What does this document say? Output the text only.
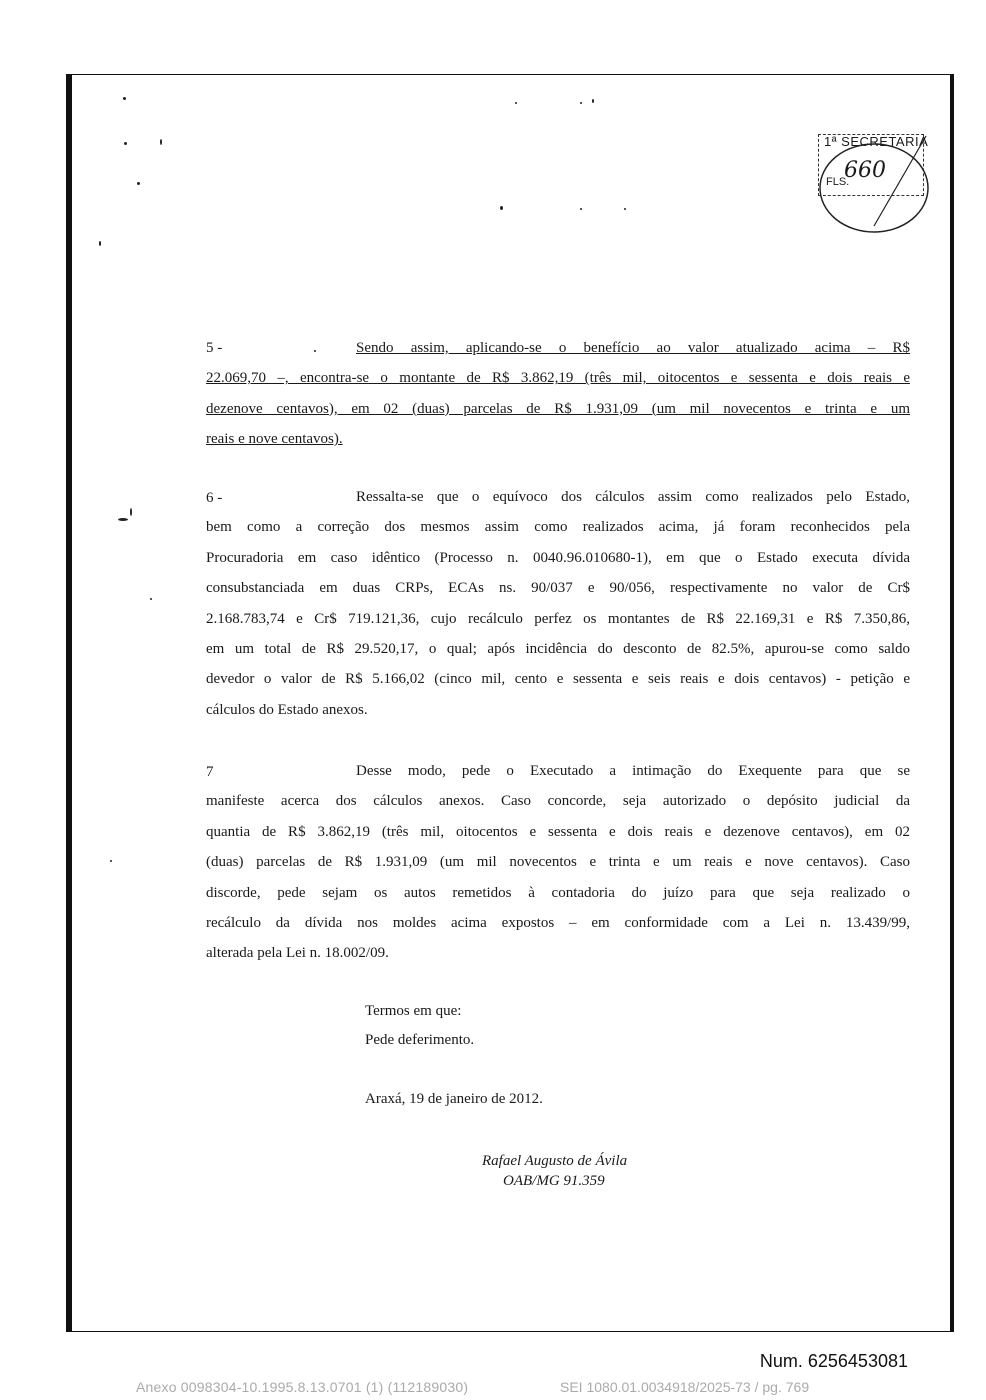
1ª SECRETARIA
FLS.
660
5 -	Sendo assim, aplicando-se o benefício ao valor atualizado acima – R$
22.069,70 –, encontra-se o montante de R$ 3.862,19 (três mil, oitocentos e sessenta e dois reais e
dezenove centavos), em 02 (duas) parcelas de R$ 1.931,09 (um mil novecentos e trinta e um
reais e nove centavos).
6 -	Ressalta-se que o equívoco dos cálculos assim como realizados pelo Estado,
bem como a correção dos mesmos assim como realizados acima, já foram reconhecidos pela
Procuradoria em caso idêntico (Processo n. 0040.96.010680-1), em que o Estado executa dívida
consubstanciada em duas CRPs, ECAs ns. 90/037 e 90/056, respectivamente no valor de Cr$
2.168.783,74 e Cr$ 719.121,36, cujo recálculo perfez os montantes de R$ 22.169,31 e R$ 7.350,86,
em um total de R$ 29.520,17, o qual; após incidência do desconto de 82.5%, apurou-se como saldo
devedor o valor de R$ 5.166,02 (cinco mil, cento e sessenta e seis reais e dois centavos) - petição e
cálculos do Estado anexos.
7	Desse modo, pede o Executado a intimação do Exequente para que se
manifeste acerca dos cálculos anexos. Caso concorde, seja autorizado o depósito judicial da
quantia de R$ 3.862,19 (três mil, oitocentos e sessenta e dois reais e dezenove centavos), em 02
(duas) parcelas de R$ 1.931,09 (um mil novecentos e trinta e um reais e nove centavos). Caso
discorde, pede sejam os autos remetidos à contadoria do juízo para que seja realizado o
recálculo da dívida nos moldes acima expostos – em conformidade com a Lei n. 13.439/99,
alterada pela Lei n. 18.002/09.
Termos em que:
Pede deferimento.
Araxá, 19 de janeiro de 2012.
Rafael Augusto de Ávila
OAB/MG 91.359
Num. 6256453081
Anexo 0098304-10.1995.8.13.0701 (1) (112189030)	SEI 1080.01.0034918/2025-73 / pg. 769
